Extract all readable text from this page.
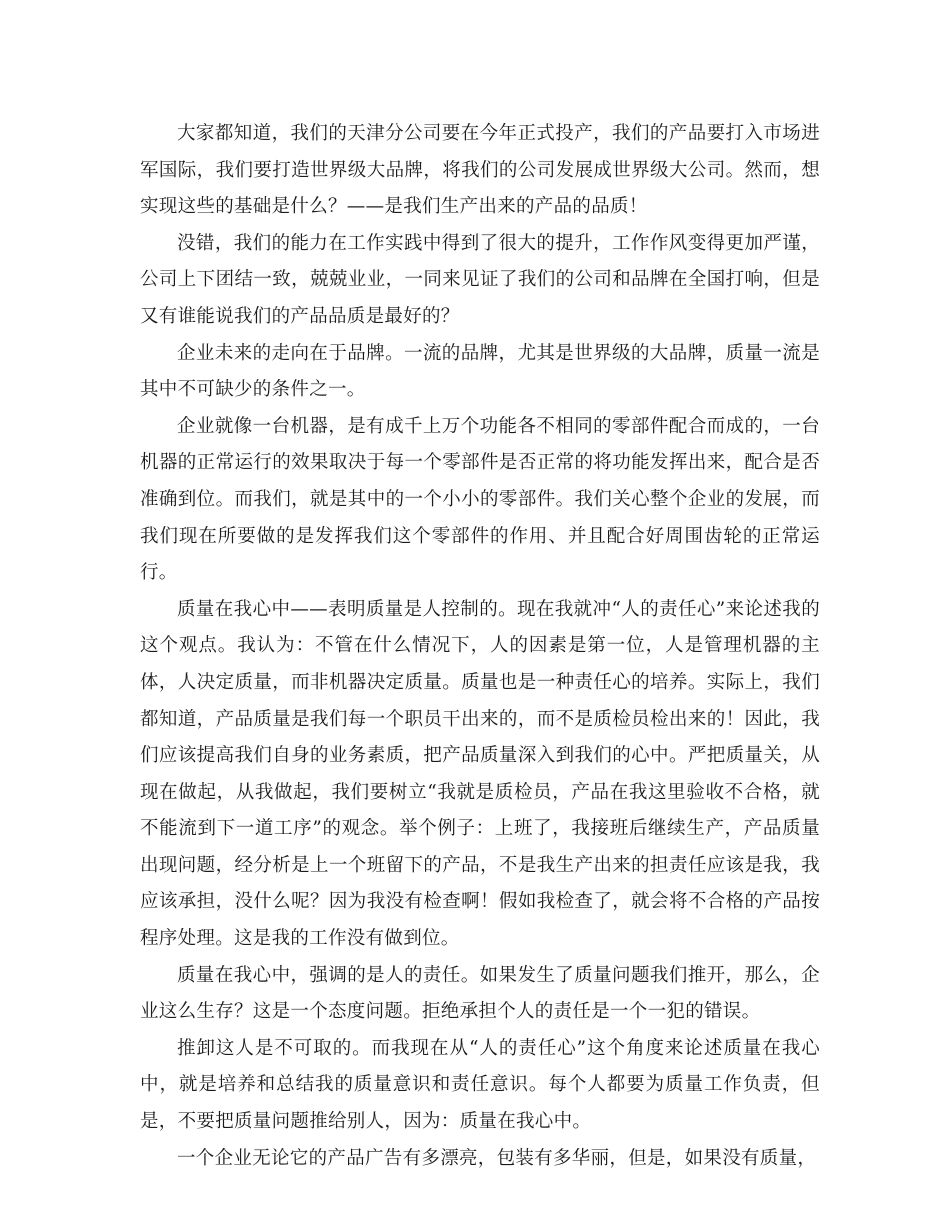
大家都知道，我们的天津分公司要在今年正式投产，我们的产品要打入市场进军国际，我们要打造世界级大品牌，将我们的公司发展成世界级大公司。然而，想实现这些的基础是什么？——是我们生产出来的产品的品质！

没错，我们的能力在工作实践中得到了很大的提升，工作作风变得更加严谨，公司上下团结一致，兢兢业业，一同来见证了我们的公司和品牌在全国打响，但是又有谁能说我们的产品品质是最好的？

企业未来的走向在于品牌。一流的品牌，尤其是世界级的大品牌，质量一流是其中不可缺少的条件之一。

企业就像一台机器，是有成千上万个功能各不相同的零部件配合而成的，一台机器的正常运行的效果取决于每一个零部件是否正常的将功能发挥出来，配合是否准确到位。而我们，就是其中的一个小小的零部件。我们关心整个企业的发展，而我们现在所要做的是发挥我们这个零部件的作用、并且配合好周围齿轮的正常运行。

质量在我心中——表明质量是人控制的。现在我就冲“人的责任心”来论述我的这个观点。我认为：不管在什么情况下，人的因素是第一位，人是管理机器的主体，人决定质量，而非机器决定质量。质量也是一种责任心的培养。实际上，我们都知道，产品质量是我们每一个职员干出来的，而不是质检员检出来的！因此，我们应该提高我们自身的业务素质，把产品质量深入到我们的心中。严把质量关，从现在做起，从我做起，我们要树立“我就是质检员，产品在我这里验收不合格，就不能流到下一道工序”的观念。举个例子：上班了，我接班后继续生产，产品质量出现问题，经分析是上一个班留下的产品，不是我生产出来的担责任应该是我，我应该承担，没什么呢？因为我没有检查啊！假如我检查了，就会将不合格的产品按程序处理。这是我的工作没有做到位。

质量在我心中，强调的是人的责任。如果发生了质量问题我们推开，那么，企业这么生存？这是一个态度问题。拒绝承担个人的责任是一个一犯的错误。

推卸这人是不可取的。而我现在从“人的责任心”这个角度来论述质量在我心中，就是培养和总结我的质量意识和责任意识。每个人都要为质量工作负责，但是，不要把质量问题推给别人，因为：质量在我心中。

一个企业无论它的产品广告有多漂亮，包装有多华丽，但是，如果没有质量，
